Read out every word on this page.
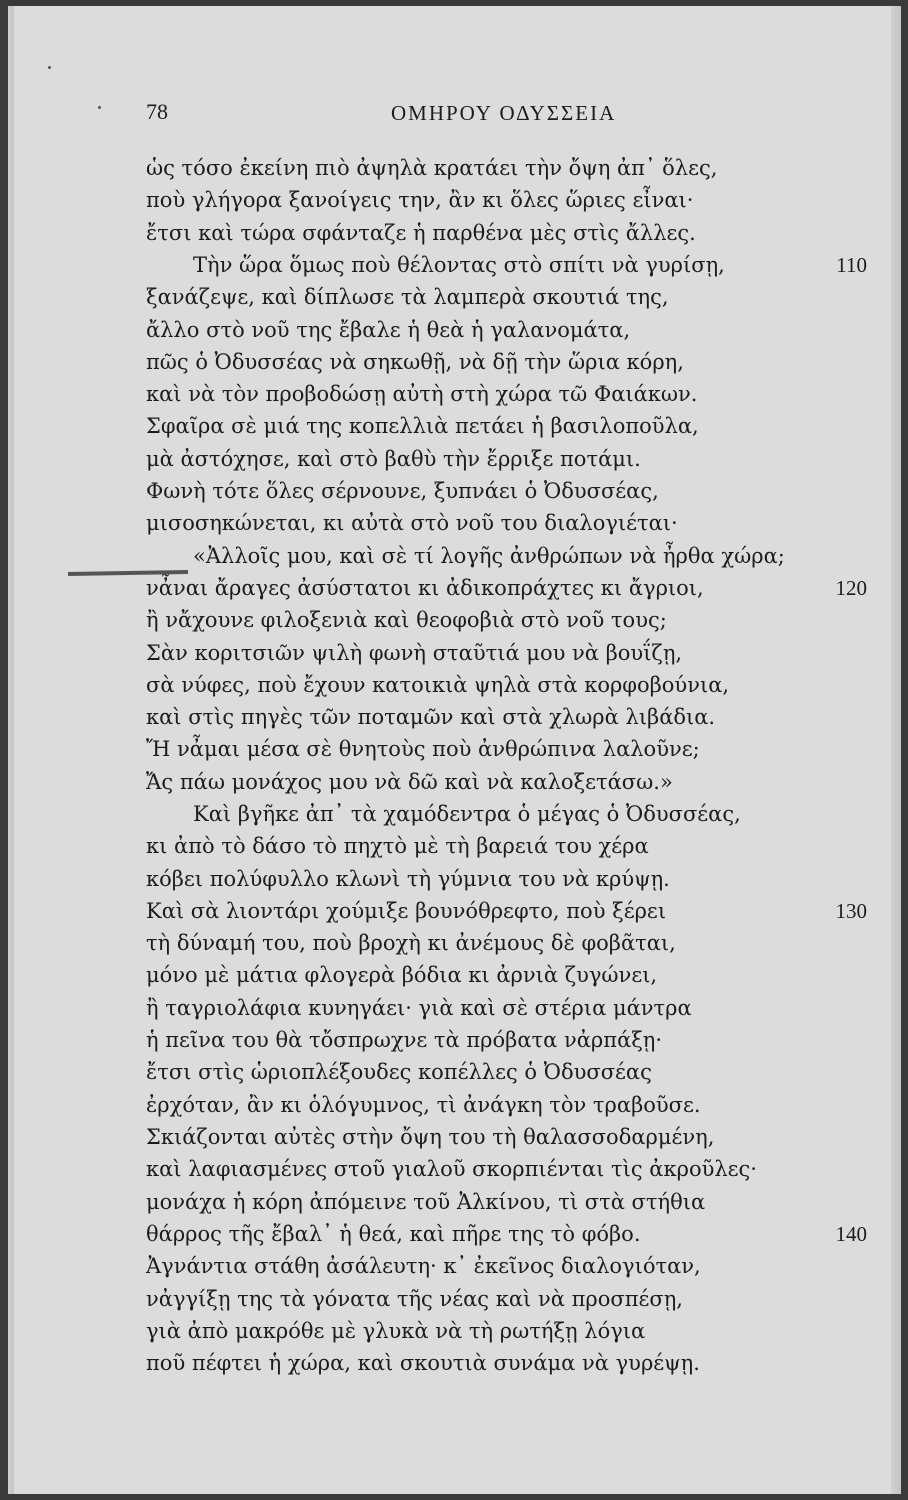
78	ΟΜΗΡΟΥ ΟΔΥΣΣΕΙΑ
ὡς τόσο ἐκείνη πιὸ ἀψηλὰ κρατάει τὴν ὄψη ἀπ᾽ ὅλες,
ποὺ γλήγορα ξανοίγεις την, ἂν κι ὅλες ὥριες εἶναι·
ἔτσι καὶ τώρα σφάνταζε ἡ παρθένα μὲς στὶς ἄλλες.
Τὴν ὥρα ὅμως ποὺ θέλοντας στὸ σπίτι νὰ γυρίσῃ,	110
ξανάζεψε, καὶ δίπλωσε τὰ λαμπερὰ σκουτιά της,
ἄλλο στὸ νοῦ της ἔβαλε ἡ θεὰ ἡ γαλανομάτα,
πῶς ὁ Ὀδυσσέας νὰ σηκωθῇ, νὰ δῇ τὴν ὥρια κόρη,
καὶ νὰ τὸν προβοδώσῃ αὐτὴ στὴ χώρα τῶ Φαιάκων.
Σφαῖρα σὲ μιά της κοπελλιὰ πετάει ἡ βασιλοποῦλα,
μὰ ἀστόχησε, καὶ στὸ βαθὺ τὴν ἔρριξε ποτάμι.
Φωνὴ τότε ὅλες σέρνουνε, ξυπνάει ὁ Ὀδυσσέας,
μισοσηκώνεται, κι αὐτὰ στὸ νοῦ του διαλογιέται·
«Ἀλλοῖς μου, καὶ σὲ τί λογῆς ἀνθρώπων νὰ ἦρθα χώρα;
νἆναι ἄραγες ἀσύστατοι κι ἀδικοπράχτες κι ἄγριοι,	120
ἢ νἄχουνε φιλοξενιὰ καὶ θεοφοβιὰ στὸ νοῦ τους;
Σὰν κοριτσιῶν ψιλὴ φωνὴ σταῦτιά μου νὰ βουΐζῃ,
σὰ νύφες, ποὺ ἔχουν κατοικιὰ ψηλὰ στὰ κορφοβούνια,
καὶ στὶς πηγὲς τῶν ποταμῶν καὶ στὰ χλωρὰ λιβάδια.
Ἤ νἆμαι μέσα σὲ θνητοὺς ποὺ ἀνθρώπινα λαλοῦνε;
Ἄς πάω μονάχος μου νὰ δῶ καὶ νὰ καλοξετάσω.»
Καὶ βγῆκε ἀπ᾽ τὰ χαμόδεντρα ὁ μέγας ὁ Ὀδυσσέας,
κι ἀπὸ τὸ δάσο τὸ πηχτὸ μὲ τὴ βαρειά του χέρα
κόβει πολύφυλλο κλωνὶ τὴ γύμνια του νὰ κρύψῃ.
Καὶ σὰ λιοντάρι χούμιξε βουνόθρεφτο, ποὺ ξέρει	130
τὴ δύναμή του, ποὺ βροχὴ κι ἀνέμους δὲ φοβᾶται,
μόνο μὲ μάτια φλογερὰ βόδια κι ἀρνιὰ ζυγώνει,
ἢ ταγριολάφια κυνηγάει· γιὰ καὶ σὲ στέρια μάντρα
ἡ πεῖνα του θὰ τὄσπρωχνε τὰ πρόβατα νἀρπάξῃ·
ἔτσι στὶς ὡριοπλέξουδες κοπέλλες ὁ Ὀδυσσέας
ἐρχόταν, ἂν κι ὁλόγυμνος, τὶ ἀνάγκη τὸν τραβοῦσε.
Σκιάζονται αὐτὲς στὴν ὄψη του τὴ θαλασσοδαρμένη,
καὶ λαφιασμένες στοῦ γιαλοῦ σκορπιένται τὶς ἀκροῦλες·
μονάχα ἡ κόρη ἀπόμεινε τοῦ Ἀλκίνου, τὶ στὰ στήθια
θάρρος τῆς ἔβαλ᾽ ἡ θεά, καὶ πῆρε της τὸ φόβο.	140
Ἀγνάντια στάθη ἀσάλευτη· κ᾽ ἐκεῖνος διαλογιόταν,
νἀγγίξῃ της τὰ γόνατα τῆς νέας καὶ νὰ προσπέσῃ,
γιὰ ἀπὸ μακρόθε μὲ γλυκὰ νὰ τὴ ρωτήξῃ λόγια
ποῦ πέφτει ἡ χώρα, καὶ σκουτιὰ συνάμα νὰ γυρέψῃ.
